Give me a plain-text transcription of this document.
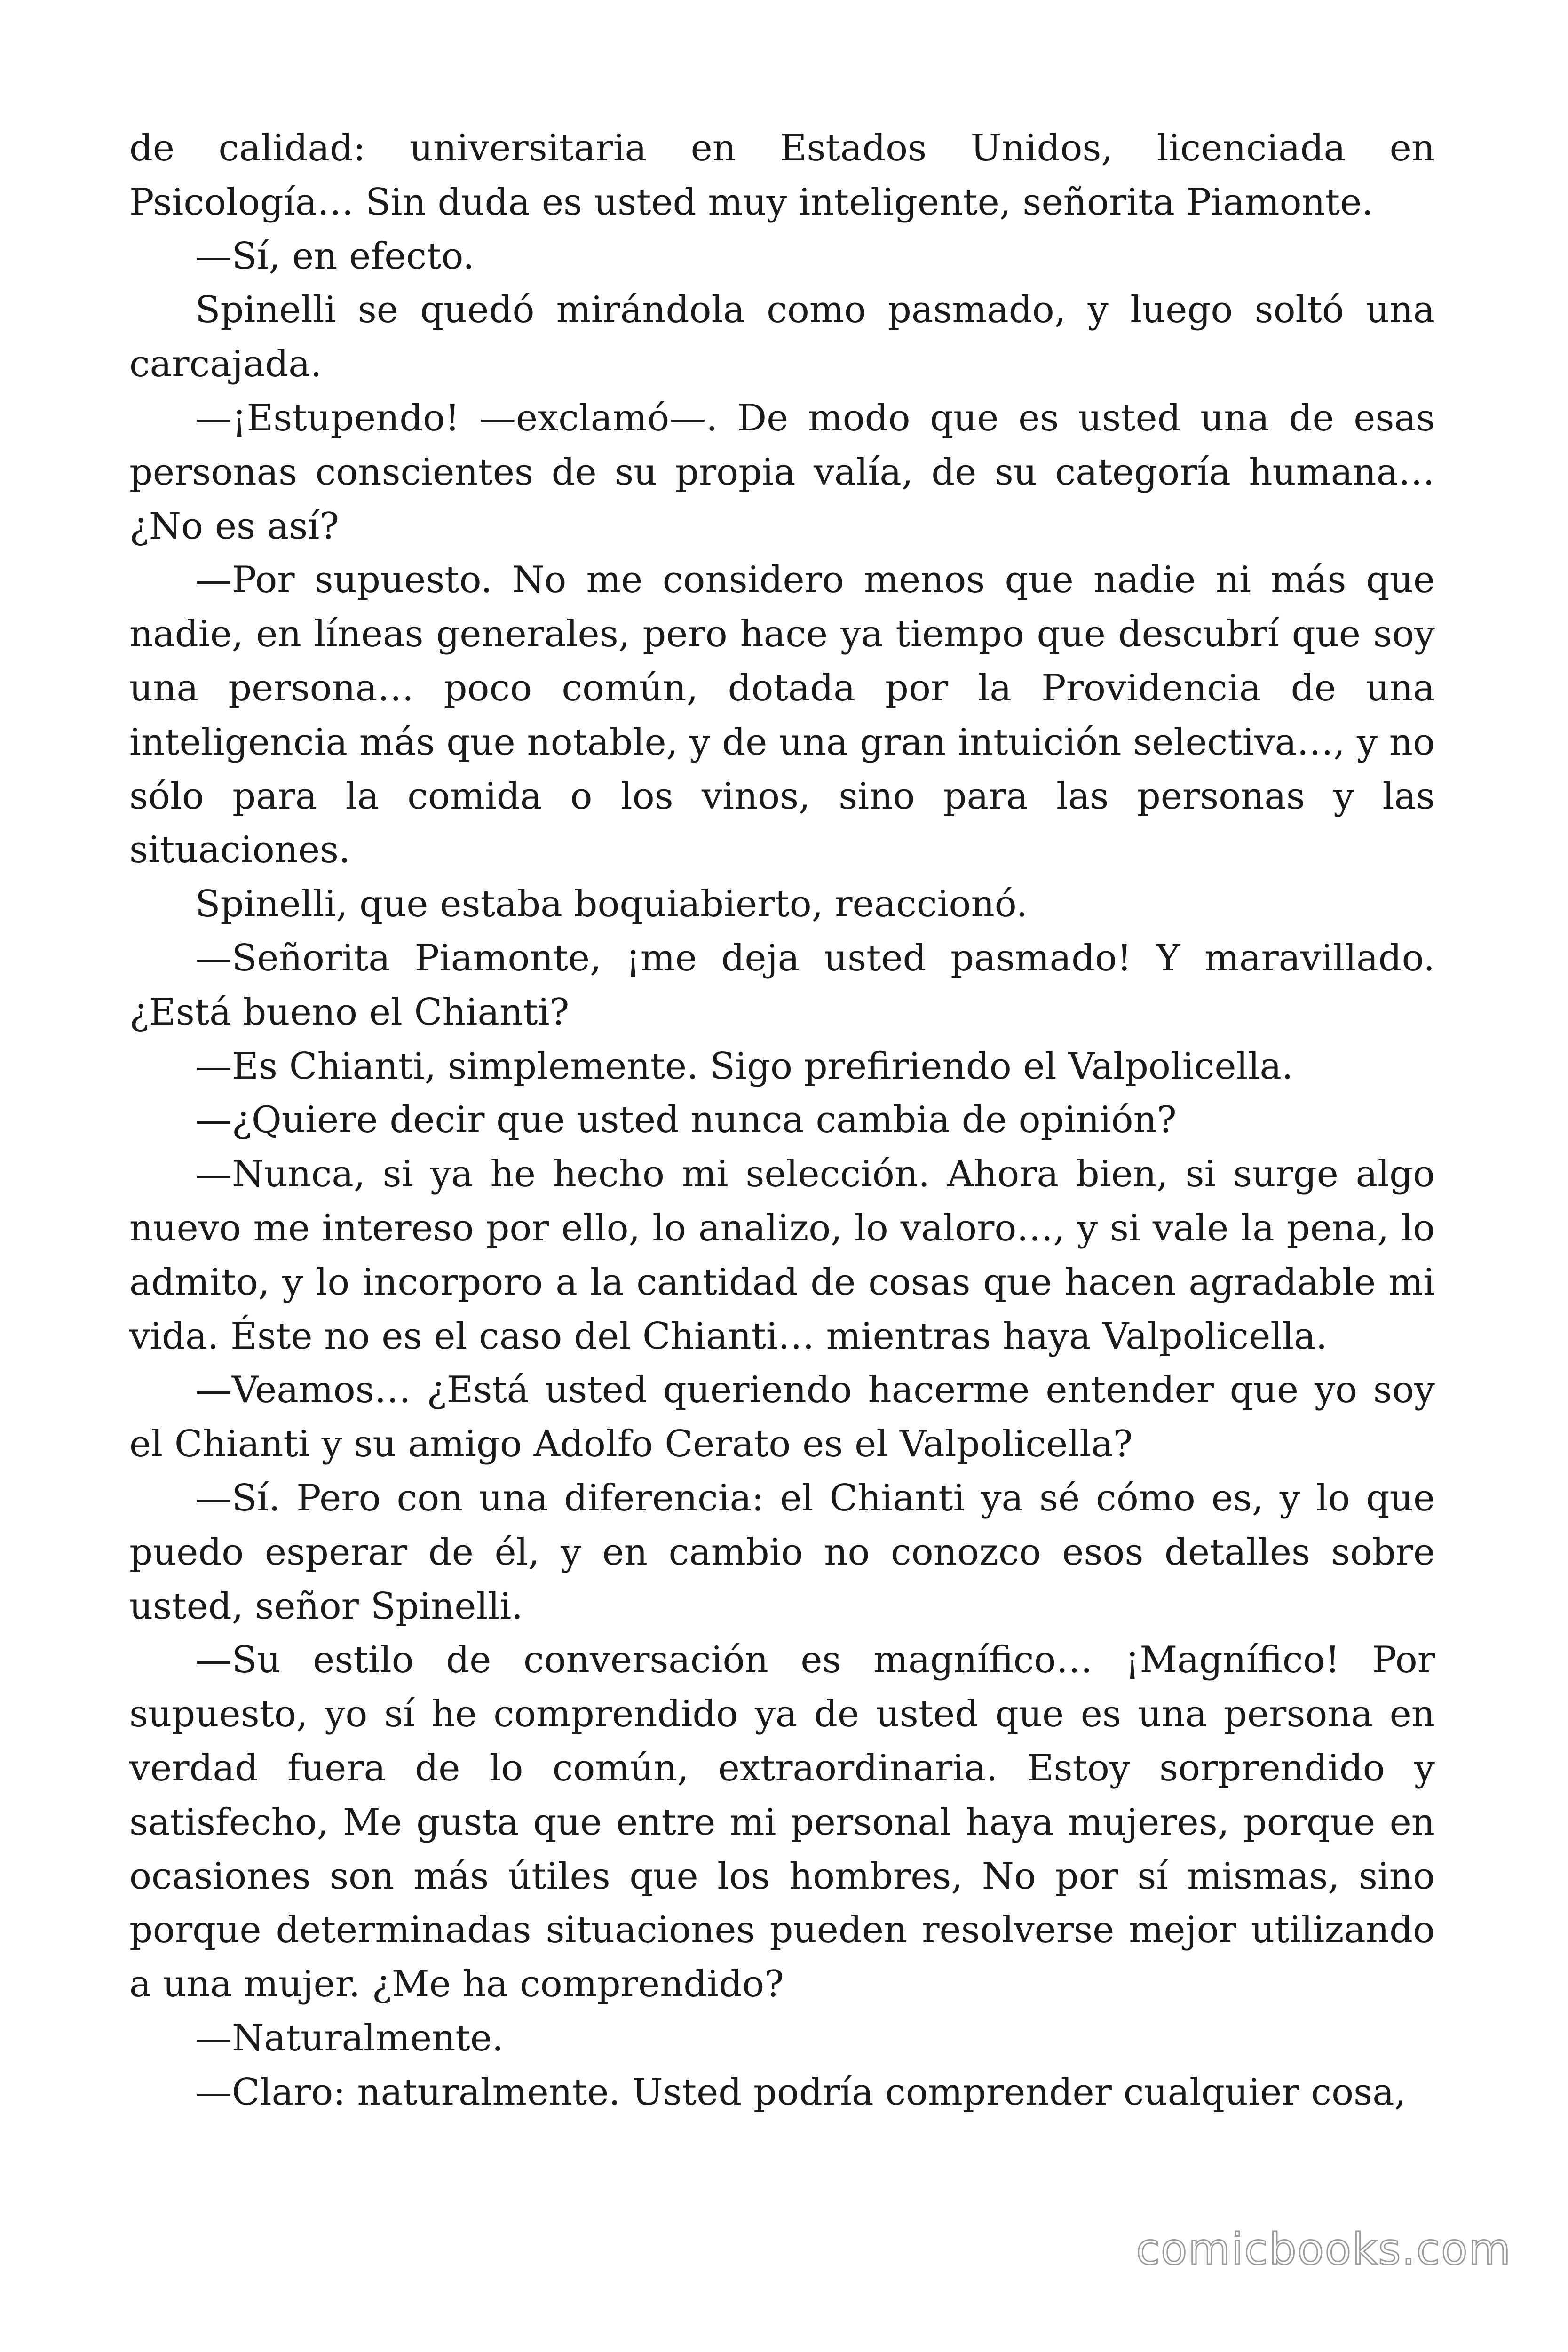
de calidad: universitaria en Estados Unidos, licenciada en Psicología… Sin duda es usted muy inteligente, señorita Piamonte.

—Sí, en efecto.

Spinelli se quedó mirándola como pasmado, y luego soltó una carcajada.

—¡Estupendo! —exclamó—. De modo que es usted una de esas personas conscientes de su propia valía, de su categoría humana… ¿No es así?

—Por supuesto. No me considero menos que nadie ni más que nadie, en líneas generales, pero hace ya tiempo que descubrí que soy una persona… poco común, dotada por la Providencia de una inteligencia más que notable, y de una gran intuición selectiva…, y no sólo para la comida o los vinos, sino para las personas y las situaciones.

Spinelli, que estaba boquiabierto, reaccionó.

—Señorita Piamonte, ¡me deja usted pasmado! Y maravillado. ¿Está bueno el Chianti?

—Es Chianti, simplemente. Sigo prefiriendo el Valpolicella.

—¿Quiere decir que usted nunca cambia de opinión?

—Nunca, si ya he hecho mi selección. Ahora bien, si surge algo nuevo me intereso por ello, lo analizo, lo valoro…, y si vale la pena, lo admito, y lo incorporo a la cantidad de cosas que hacen agradable mi vida. Éste no es el caso del Chianti… mientras haya Valpolicella.

—Veamos… ¿Está usted queriendo hacerme entender que yo soy el Chianti y su amigo Adolfo Cerato es el Valpolicella?

—Sí. Pero con una diferencia: el Chianti ya sé cómo es, y lo que puedo esperar de él, y en cambio no conozco esos detalles sobre usted, señor Spinelli.

—Su estilo de conversación es magnífico… ¡Magnífico! Por supuesto, yo sí he comprendido ya de usted que es una persona en verdad fuera de lo común, extraordinaria. Estoy sorprendido y satisfecho, Me gusta que entre mi personal haya mujeres, porque en ocasiones son más útiles que los hombres, No por sí mismas, sino porque determinadas situaciones pueden resolverse mejor utilizando a una mujer. ¿Me ha comprendido?

—Naturalmente.

—Claro: naturalmente. Usted podría comprender cualquier cosa,

comicbooks.com
